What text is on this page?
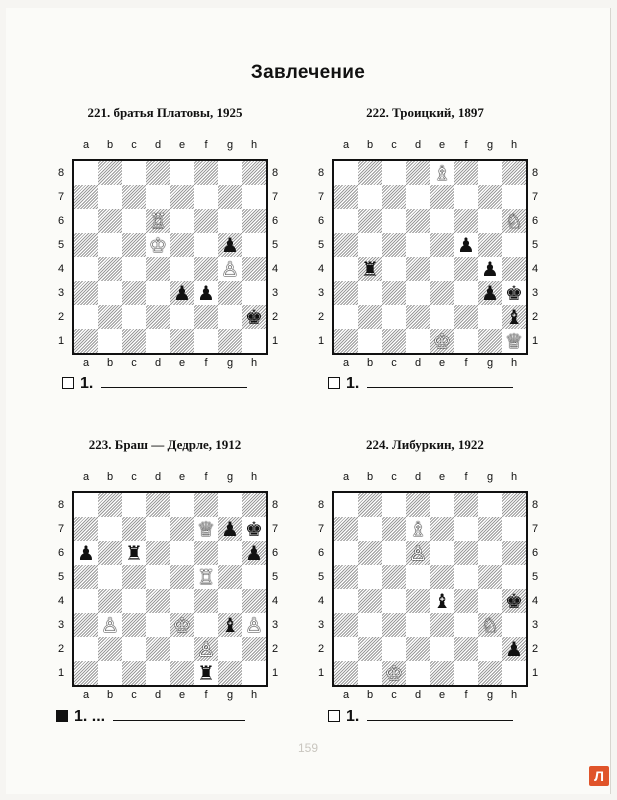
Завлечение
221. братья Платовы, 1925
a	b	c	d	e	f	g	h
a	b	c	d	e	f	g	h
8
7
6
5
4
3
2
1
8
7
6
5
4
3
2
1
♖
♔	♟
♙
♟ ♟
♚
222. Троицкий, 1897
a	b	c	d	e	f	g	h
a	b	c	d	e	f	g	h
8
7
6
5
4
3
2
1
8
7
6
5
4
3
2
1
♗
♘
♟
♜	♟
♟ ♚
♝
♔	♕
223. Браш — Дедрле, 1912
a	b	c	d	e	f	g	h
a	b	c	d	e	f	g	h
8
7
6
5
4
3
2
1
8
7
6
5
4
3
2
1
♕ ♟ ♚
♟ ♜	♟
♖
♙	♔ ♝ ♙
♙
♜
224. Либуркин, 1922
a	b	c	d	e	f	g	h
a	b	c	d	e	f	g	h
8
7
6
5
4
3
2
1
8
7
6
5
4
3
2
1
♗
♙
♝	♚
♘
♟
♔
1.	1.
1. ...	1.
159
Л
